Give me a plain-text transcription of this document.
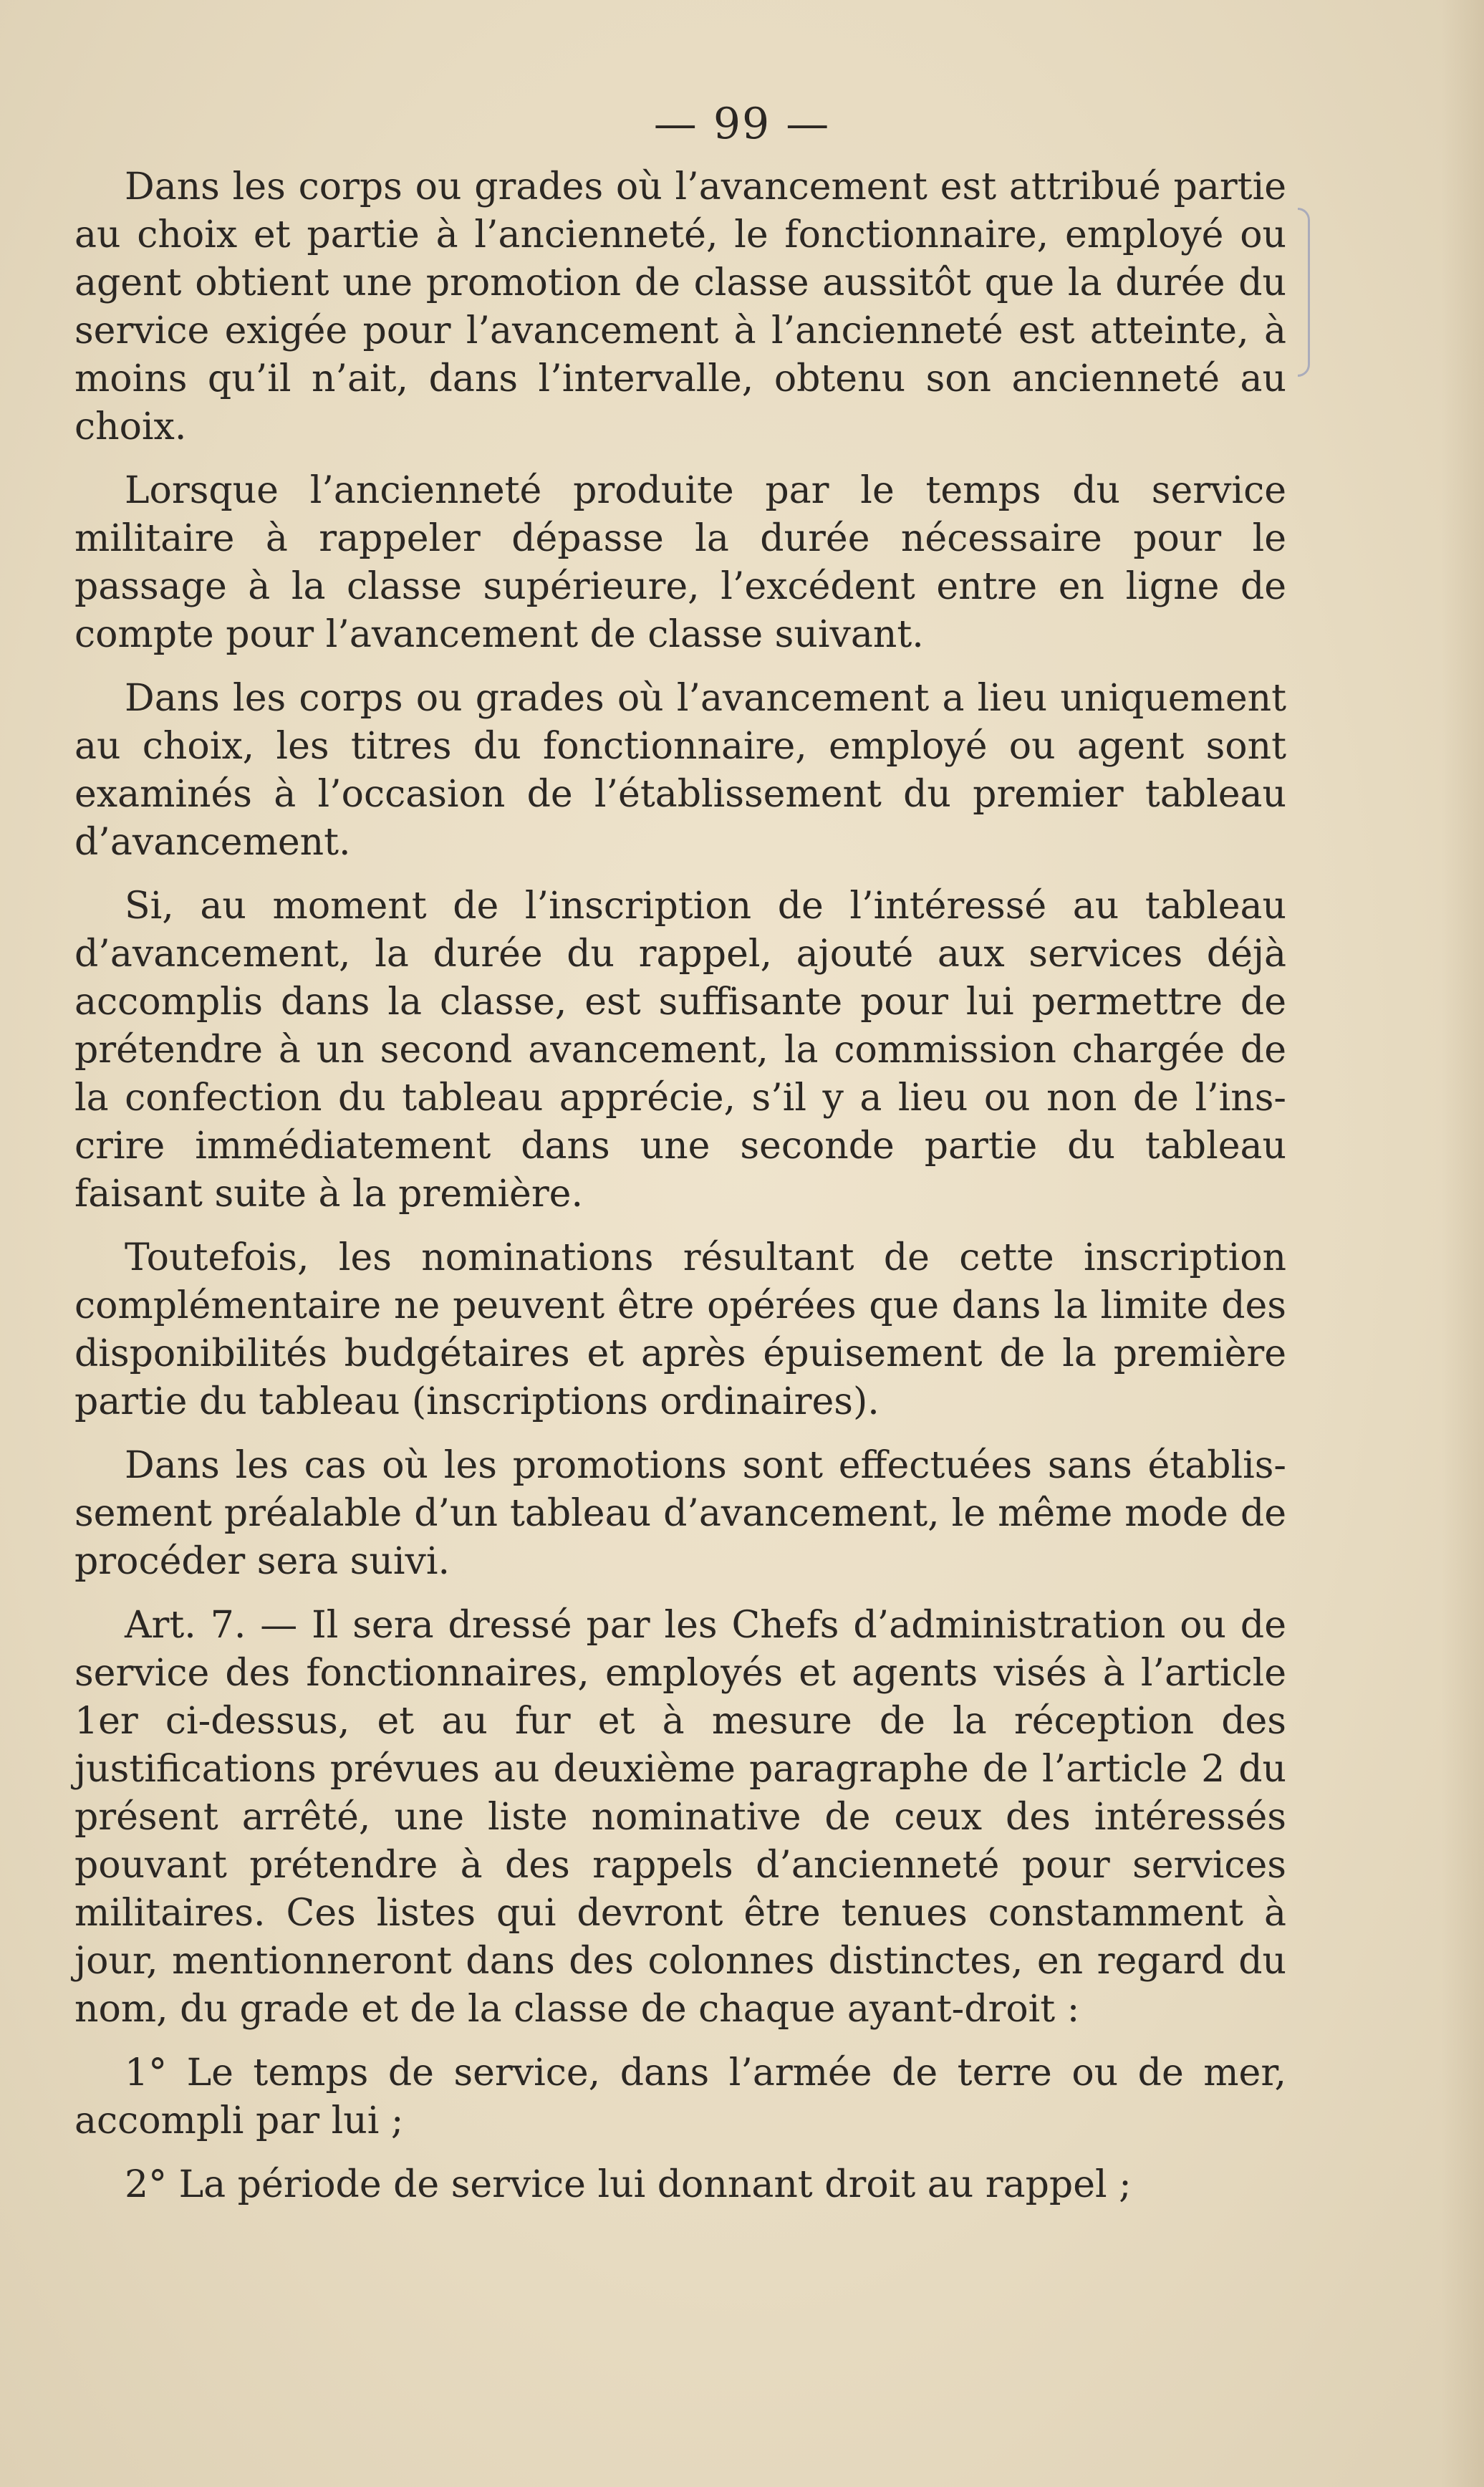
— 99 —

Dans les corps ou grades où l’avancement est attribué partie au choix et partie à l’ancienneté, le fonctionnaire, employé ou agent obtient une promotion de classe aussitôt que la durée du service exigée pour l’avancement à l’ancienneté est atteinte, à moins qu’il n’ait, dans l’intervalle, obtenu son ancienneté au choix.

Lorsque l’ancienneté produite par le temps du service militaire à rappeler dépasse la durée nécessaire pour le passage à la classe supérieure, l’excédent entre en ligne de compte pour l’avancement de classe suivant.

Dans les corps ou grades où l’avancement a lieu uniquement au choix, les titres du fonctionnaire, employé ou agent sont examinés à l’occasion de l’établissement du premier tableau d’avancement.

Si, au moment de l’inscription de l’intéressé au tableau d’avancement, la durée du rappel, ajouté aux services déjà accomplis dans la classe, est suffisante pour lui permettre de prétendre à un second avancement, la commission chargée de la confection du tableau apprécie, s’il y a lieu ou non de l’inscrire immédiatement dans une seconde partie du tableau faisant suite à la première.

Toutefois, les nominations résultant de cette inscription complémentaire ne peuvent être opérées que dans la limite des disponibilités budgétaires et après épuisement de la première partie du tableau (inscriptions ordinaires).

Dans les cas où les promotions sont effectuées sans établissement préalable d’un tableau d’avancement, le même mode de procéder sera suivi.

Art. 7. — Il sera dressé par les Chefs d’administration ou de service des fonctionnaires, employés et agents visés à l’article 1er ci-dessus, et au fur et à mesure de la réception des justifications prévues au deuxième paragraphe de l’article 2 du présent arrêté, une liste nominative de ceux des intéressés pouvant prétendre à des rappels d’ancienneté pour services militaires. Ces listes qui devront être tenues constamment à jour, mentionneront dans des colonnes distinctes, en regard du nom, du grade et de la classe de chaque ayant-droit :

1° Le temps de service, dans l’armée de terre ou de mer, accompli par lui ;

2° La période de service lui donnant droit au rappel ;
